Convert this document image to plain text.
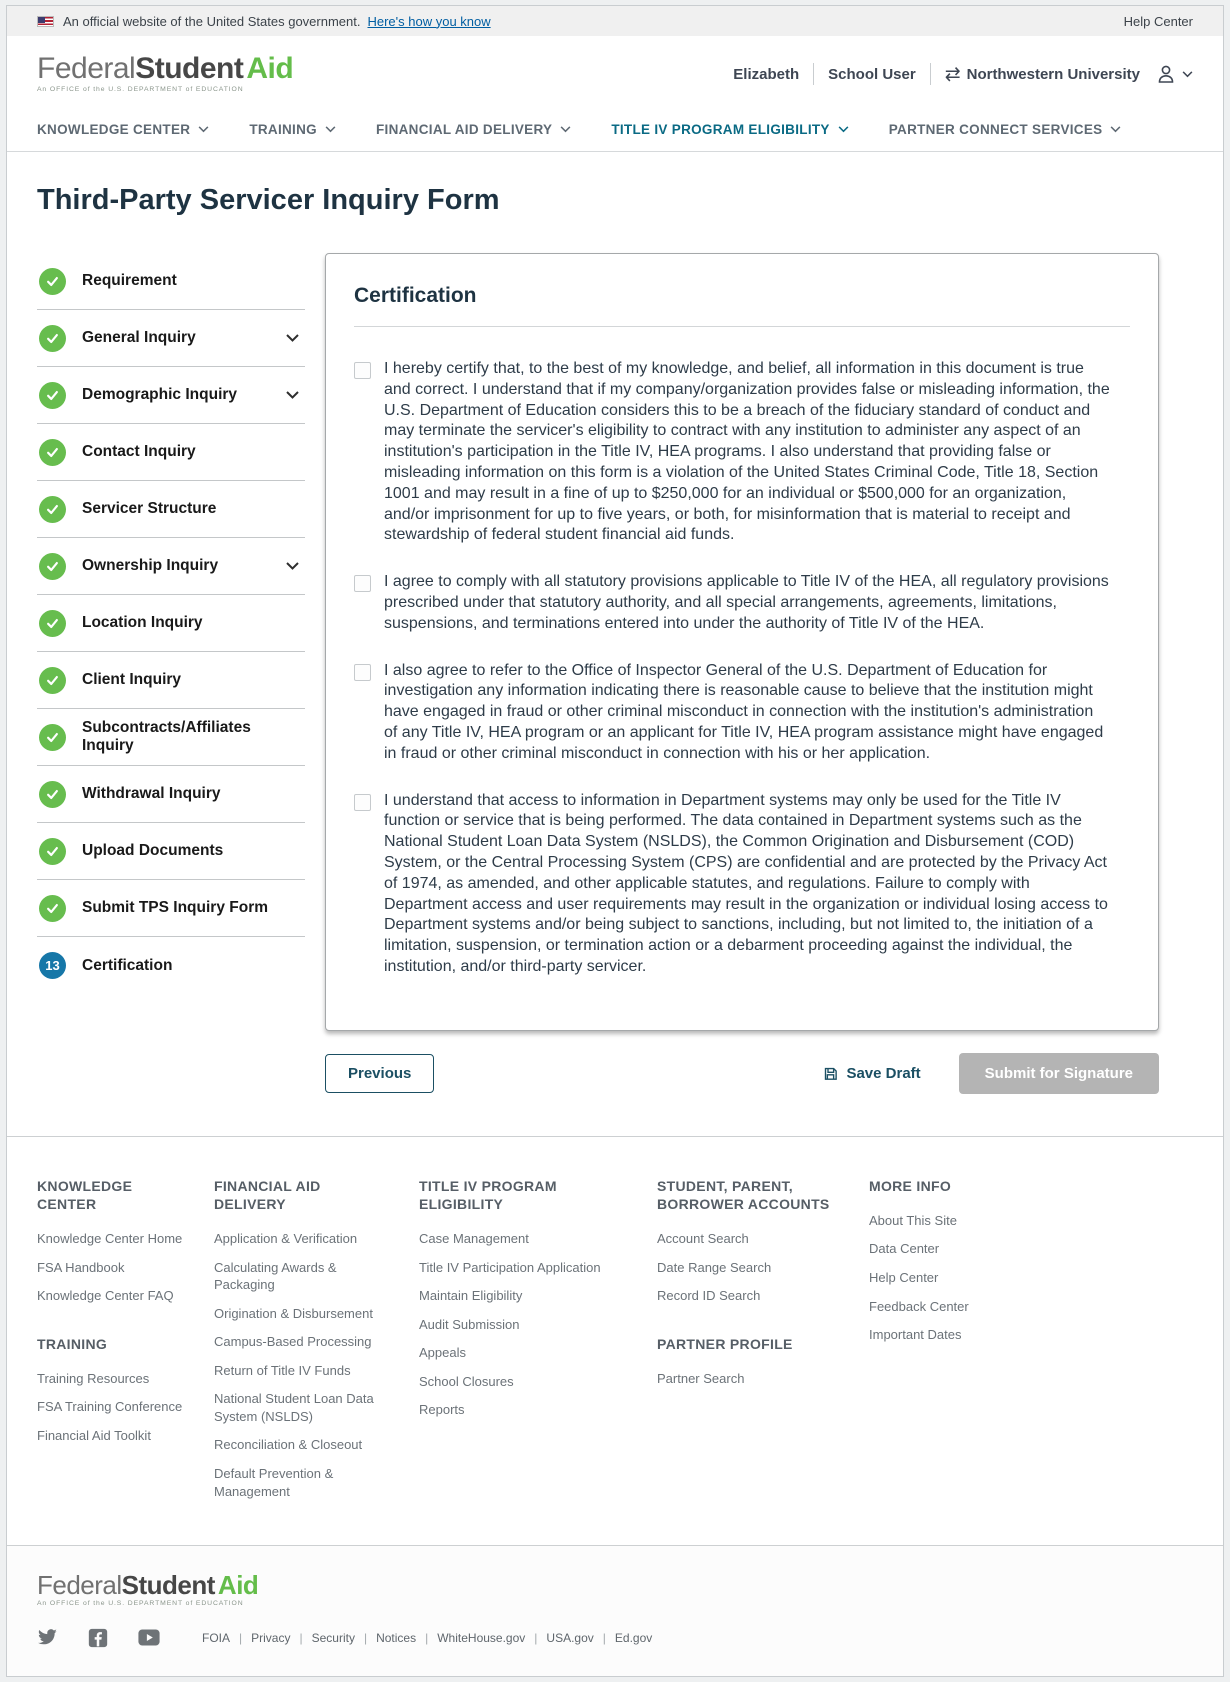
An official website of the United States government. Here's how you know	Help Center
FederalStudent Aid
An OFFICE of the U.S. DEPARTMENT of EDUCATION
Elizabeth School User ⇄ Northwestern University
KNOWLEDGE CENTER	TRAINING	FINANCIAL AID DELIVERY	TITLE IV PROGRAM ELIGIBILITY	PARTNER CONNECT SERVICES
Third-Party Servicer Inquiry Form
Requirement
General Inquiry
Demographic Inquiry
Contact Inquiry
Servicer Structure
Ownership Inquiry
Location Inquiry
Client Inquiry
Subcontracts/Affiliates Inquiry
Withdrawal Inquiry
Upload Documents
Submit TPS Inquiry Form
13	Certification
Certification

I hereby certify that, to the best of my knowledge, and belief, all information in this document is true and correct. I understand that if my company/organization provides false or misleading information, the U.S. Department of Education considers this to be a breach of the fiduciary standard of conduct and may terminate the servicer's eligibility to contract with any institution to administer any aspect of an institution's participation in the Title IV, HEA programs. I also understand that providing false or misleading information on this form is a violation of the United States Criminal Code, Title 18, Section 1001 and may result in a fine of up to $250,000 for an individual or $500,000 for an organization, and/or imprisonment for up to five years, or both, for misinformation that is material to receipt and stewardship of federal student financial aid funds.

I agree to comply with all statutory provisions applicable to Title IV of the HEA, all regulatory provisions prescribed under that statutory authority, and all special arrangements, agreements, limitations, suspensions, and terminations entered into under the authority of Title IV of the HEA.

I also agree to refer to the Office of Inspector General of the U.S. Department of Education for investigation any information indicating there is reasonable cause to believe that the institution might have engaged in fraud or other criminal misconduct in connection with the institution's administration of any Title IV, HEA program or an applicant for Title IV, HEA program assistance might have engaged in fraud or other criminal misconduct in connection with his or her application.

I understand that access to information in Department systems may only be used for the Title IV function or service that is being performed. The data contained in Department systems such as the National Student Loan Data System (NSLDS), the Common Origination and Disbursement (COD) System, or the Central Processing System (CPS) are confidential and are protected by the Privacy Act of 1974, as amended, and other applicable statutes, and regulations. Failure to comply with Department access and user requirements may result in the organization or individual losing access to Department systems and/or being subject to sanctions, including, but not limited to, the initiation of a limitation, suspension, or termination action or a debarment proceeding against the individual, the institution, and/or third-party servicer.

Previous	Save Draft	Submit for Signature
KNOWLEDGE CENTER
Knowledge Center Home
FSA Handbook
Knowledge Center FAQ
TRAINING
Training Resources
FSA Training Conference
Financial Aid Toolkit
FINANCIAL AID DELIVERY
Application & Verification
Calculating Awards & Packaging
Origination & Disbursement
Campus-Based Processing
Return of Title IV Funds
National Student Loan Data System (NSLDS)
Reconciliation & Closeout
Default Prevention & Management
TITLE IV PROGRAM ELIGIBILITY
Case Management
Title IV Participation Application
Maintain Eligibility
Audit Submission
Appeals
School Closures
Reports
STUDENT, PARENT, BORROWER ACCOUNTS
Account Search
Date Range Search
Record ID Search
PARTNER PROFILE
Partner Search
MORE INFO
About This Site
Data Center
Help Center
Feedback Center
Important Dates
FederalStudent Aid
An OFFICE of the U.S. DEPARTMENT of EDUCATION
FOIA |	Privacy |	Security |	Notices |	WhiteHouse.gov |	USA.gov |	Ed.gov
